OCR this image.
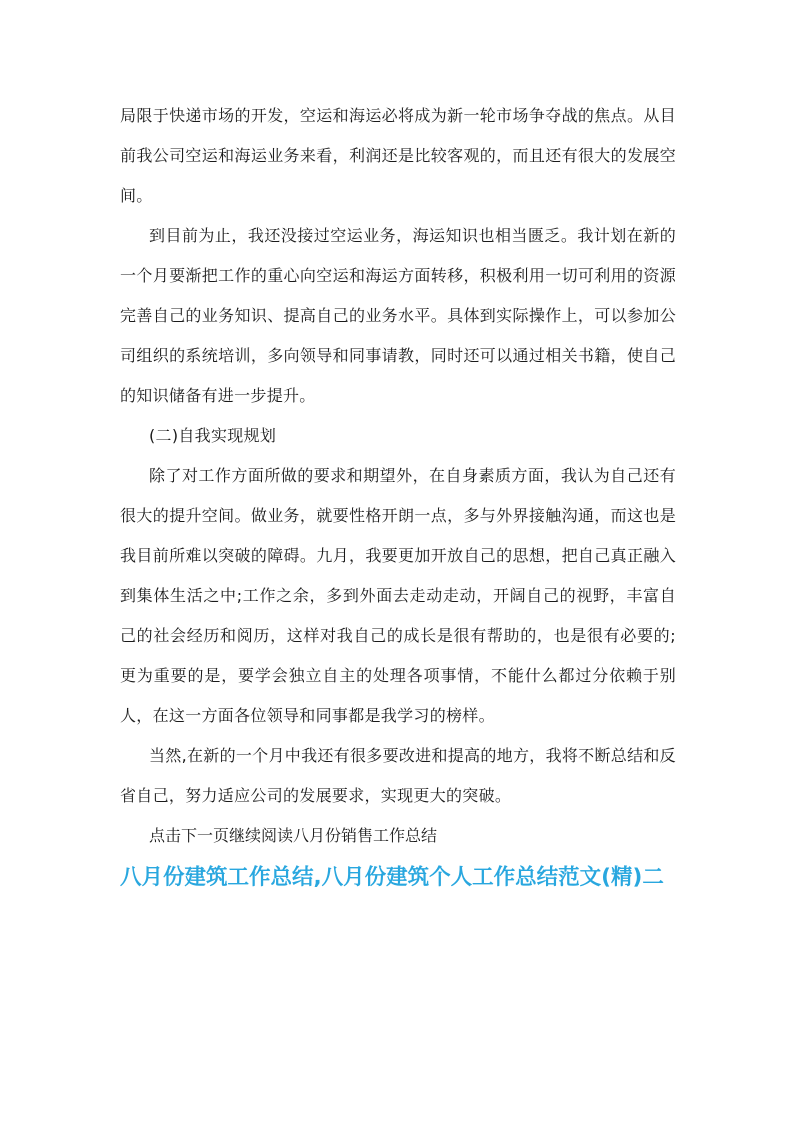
局限于快递市场的开发，空运和海运必将成为新一轮市场争夺战的焦点。从目前我公司空运和海运业务来看，利润还是比较客观的，而且还有很大的发展空间。

到目前为止，我还没接过空运业务，海运知识也相当匮乏。我计划在新的一个月要渐把工作的重心向空运和海运方面转移，积极利用一切可利用的资源完善自己的业务知识、提高自己的业务水平。具体到实际操作上，可以参加公司组织的系统培训，多向领导和同事请教，同时还可以通过相关书籍，使自己的知识储备有进一步提升。

(二)自我实现规划

除了对工作方面所做的要求和期望外，在自身素质方面，我认为自己还有很大的提升空间。做业务，就要性格开朗一点，多与外界接触沟通，而这也是我目前所难以突破的障碍。九月，我要更加开放自己的思想，把自己真正融入到集体生活之中;工作之余，多到外面去走动走动，开阔自己的视野，丰富自己的社会经历和阅历，这样对我自己的成长是很有帮助的，也是很有必要的;更为重要的是，要学会独立自主的处理各项事情，不能什么都过分依赖于别人，在这一方面各位领导和同事都是我学习的榜样。

当然,在新的一个月中我还有很多要改进和提高的地方，我将不断总结和反省自己，努力适应公司的发展要求，实现更大的突破。

点击下一页继续阅读八月份销售工作总结

八月份建筑工作总结,八月份建筑个人工作总结范文(精)二
